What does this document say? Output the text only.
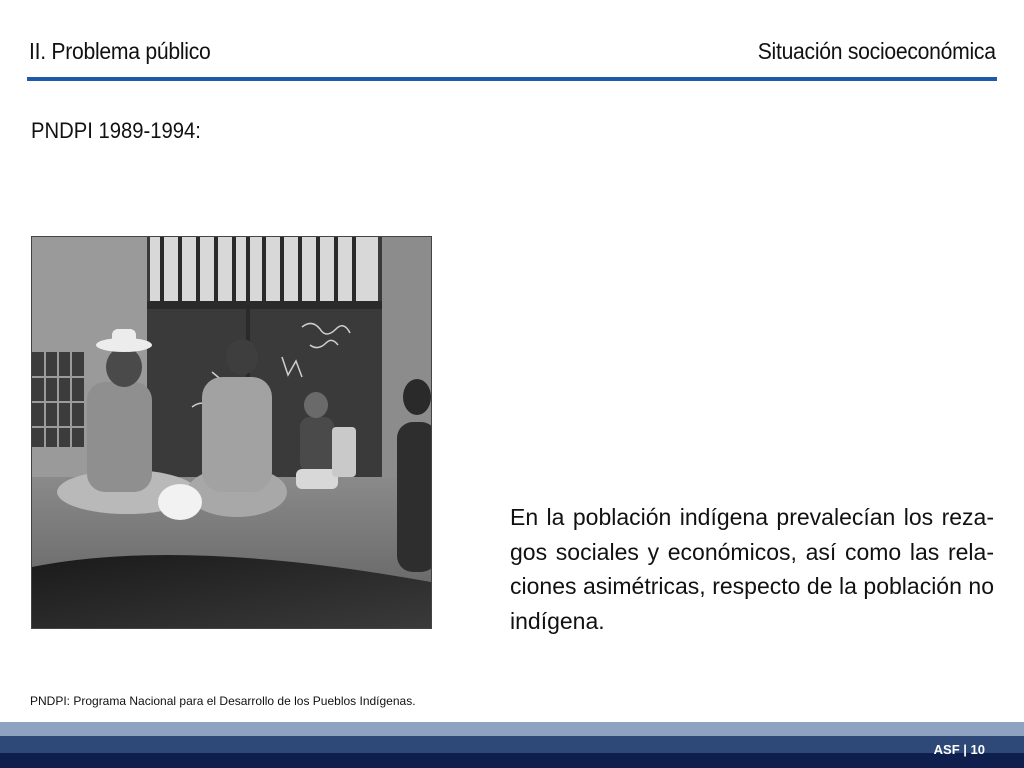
II. Problema público	Situación socioeconómica
PNDPI 1989-1994:
En la población indígena prevalecían los reza-gos sociales y económicos, así como las rela-ciones asimétricas, respecto de la población no indígena.
PNDPI: Programa Nacional para el Desarrollo de los Pueblos Indígenas.
ASF | 10
